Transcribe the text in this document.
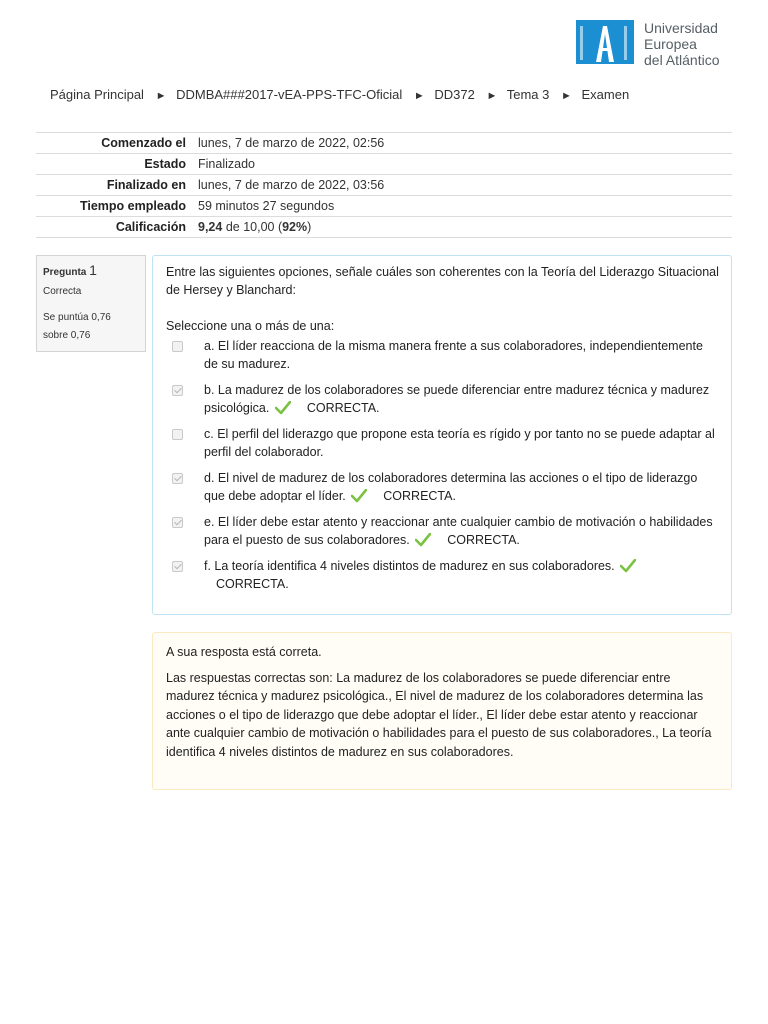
Universidad
Europea
del Atlántico
Página Principal ► DDMBA###2017-vEA-PPS-TFC-Oficial ► DD372 ► Tema 3 ► Examen
Comenzado el	lunes, 7 de marzo de 2022, 02:56
Estado	Finalizado
Finalizado en	lunes, 7 de marzo de 2022, 03:56
Tiempo empleado	59 minutos 27 segundos
Calificación	9,24 de 10,00 (92%)
Pregunta 1
Correcta
Se puntúa 0,76
sobre 0,76

Entre las siguientes opciones, señale cuáles son coherentes con la Teoría del Liderazgo Situacional de Hersey y Blanchard:

Seleccione una o más de una:
a. El líder reacciona de la misma manera frente a sus colaboradores, independientemente de su madurez.
b. La madurez de los colaboradores se puede diferenciar entre madurez técnica y madurez psicológica.	CORRECTA.
c. El perfil del liderazgo que propone esta teoría es rígido y por tanto no se puede adaptar al perfil del colaborador.
d. El nivel de madurez de los colaboradores determina las acciones o el tipo de liderazgo que debe adoptar el líder.	CORRECTA.
e. El líder debe estar atento y reaccionar ante cualquier cambio de motivación o habilidades para el puesto de sus colaboradores.	CORRECTA.
f. La teoría identifica 4 niveles distintos de madurez en sus colaboradores. CORRECTA.
A sua resposta está correta.
Las respuestas correctas son: La madurez de los colaboradores se puede diferenciar entre madurez técnica y madurez psicológica., El nivel de madurez de los colaboradores determina las acciones o el tipo de liderazgo que debe adoptar el líder., El líder debe estar atento y reaccionar ante cualquier cambio de motivación o habilidades para el puesto de sus colaboradores., La teoría identifica 4 niveles distintos de madurez en sus colaboradores.
